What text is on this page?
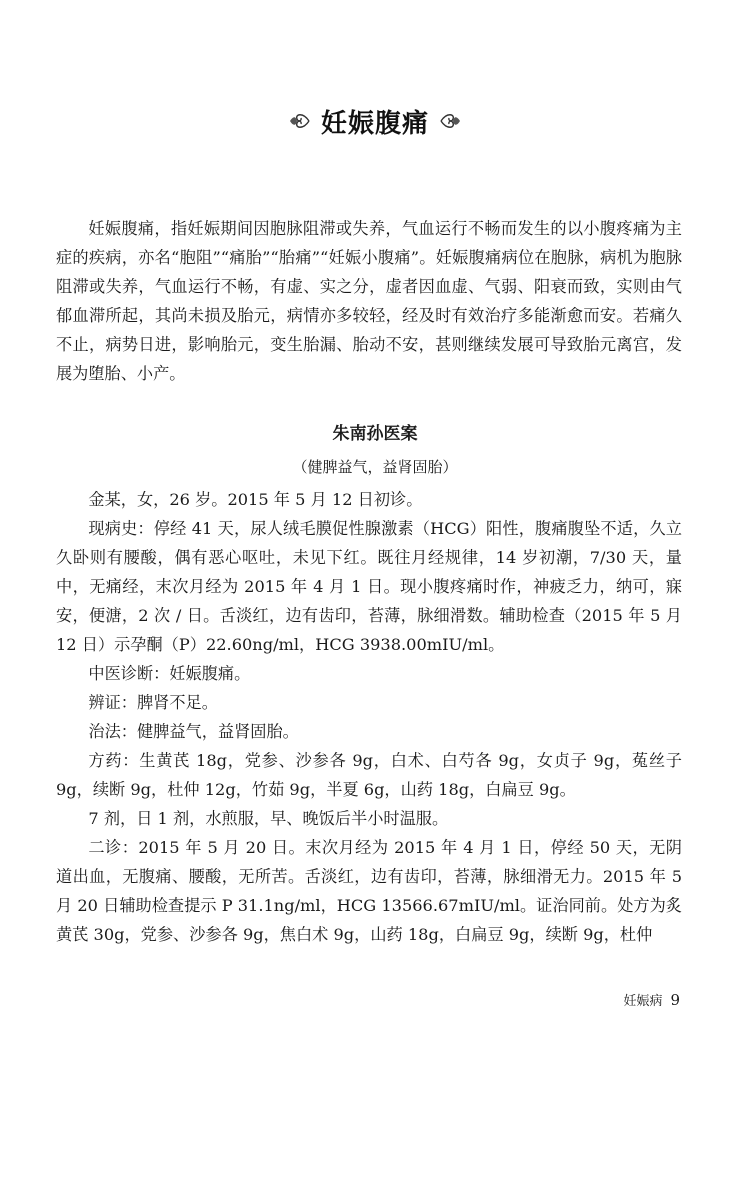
妊娠腹痛

妊娠腹痛，指妊娠期间因胞脉阻滞或失养，气血运行不畅而发生的以小腹疼痛为主症的疾病，亦名“胞阻”“痛胎”“胎痛”“妊娠小腹痛”。妊娠腹痛病位在胞脉，病机为胞脉阻滞或失养，气血运行不畅，有虚、实之分，虚者因血虚、气弱、阳衰而致，实则由气郁血滞所起，其尚未损及胎元，病情亦多较轻，经及时有效治疗多能渐愈而安。若痛久不止，病势日进，影响胎元，变生胎漏、胎动不安，甚则继续发展可导致胎元离宫，发展为堕胎、小产。

朱南孙医案

（健脾益气，益肾固胎）

金某，女，26 岁。2015 年 5 月 12 日初诊。

现病史：停经 41 天，尿人绒毛膜促性腺激素（HCG）阳性，腹痛腹坠不适，久立久卧则有腰酸，偶有恶心呕吐，未见下红。既往月经规律，14 岁初潮，7/30 天，量中，无痛经，末次月经为 2015 年 4 月 1 日。现小腹疼痛时作，神疲乏力，纳可，寐安，便溏，2 次 / 日。舌淡红，边有齿印，苔薄，脉细滑数。辅助检查（2015 年 5 月 12 日）示孕酮（P）22.60ng/ml，HCG 3938.00mIU/ml。

中医诊断：妊娠腹痛。

辨证：脾肾不足。

治法：健脾益气，益肾固胎。

方药：生黄芪 18g，党参、沙参各 9g，白术、白芍各 9g，女贞子 9g，菟丝子 9g，续断 9g，杜仲 12g，竹茹 9g，半夏 6g，山药 18g，白扁豆 9g。

7 剂，日 1 剂，水煎服，早、晚饭后半小时温服。

二诊：2015 年 5 月 20 日。末次月经为 2015 年 4 月 1 日，停经 50 天，无阴道出血，无腹痛、腰酸，无所苦。舌淡红，边有齿印，苔薄，脉细滑无力。2015 年 5 月 20 日辅助检查提示 P 31.1ng/ml，HCG 13566.67mIU/ml。证治同前。处方为炙黄芪 30g，党参、沙参各 9g，焦白术 9g，山药 18g，白扁豆 9g，续断 9g，杜仲

妊娠病 9
